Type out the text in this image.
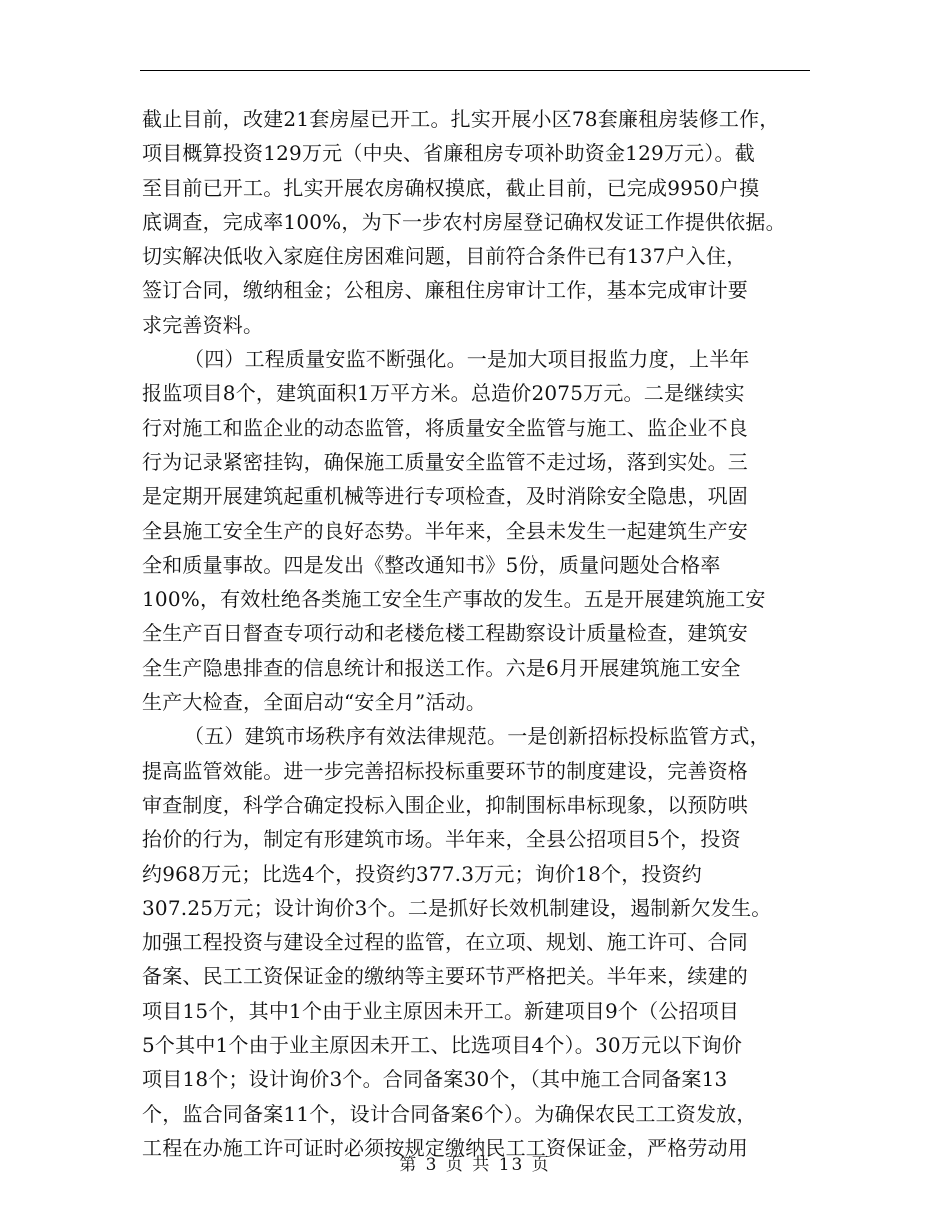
截止目前，改建21套房屋已开工。扎实开展小区78套廉租房装修工作，
项目概算投资129万元（中央、省廉租房专项补助资金129万元）。截
至目前已开工。扎实开展农房确权摸底，截止目前，已完成9950户摸
底调查，完成率100%，为下一步农村房屋登记确权发证工作提供依据。
切实解决低收入家庭住房困难问题，目前符合条件已有137户入住，
签订合同，缴纳租金；公租房、廉租住房审计工作，基本完成审计要
求完善资料。
（四）工程质量安监不断强化。一是加大项目报监力度，上半年
报监项目8个，建筑面积1万平方米。总造价2075万元。二是继续实
行对施工和监企业的动态监管，将质量安全监管与施工、监企业不良
行为记录紧密挂钩，确保施工质量安全监管不走过场，落到实处。三
是定期开展建筑起重机械等进行专项检查，及时消除安全隐患，巩固
全县施工安全生产的良好态势。半年来，全县未发生一起建筑生产安
全和质量事故。四是发出《整改通知书》5份，质量问题处合格率
100%，有效杜绝各类施工安全生产事故的发生。五是开展建筑施工安
全生产百日督查专项行动和老楼危楼工程勘察设计质量检查，建筑安
全生产隐患排查的信息统计和报送工作。六是6月开展建筑施工安全
生产大检查，全面启动“安全月”活动。
（五）建筑市场秩序有效法律规范。一是创新招标投标监管方式，
提高监管效能。进一步完善招标投标重要环节的制度建设，完善资格
审查制度，科学合确定投标入围企业，抑制围标串标现象，以预防哄
抬价的行为，制定有形建筑市场。半年来，全县公招项目5个，投资
约968万元；比选4个，投资约377.3万元；询价18个，投资约
307.25万元；设计询价3个。二是抓好长效机制建设，遏制新欠发生。
加强工程投资与建设全过程的监管，在立项、规划、施工许可、合同
备案、民工工资保证金的缴纳等主要环节严格把关。半年来，续建的
项目15个，其中1个由于业主原因未开工。新建项目9个（公招项目
5个其中1个由于业主原因未开工、比选项目4个）。30万元以下询价
项目18个；设计询价3个。合同备案30个，（其中施工合同备案13
个，监合同备案11个，设计合同备案6个）。为确保农民工工资发放，
工程在办施工许可证时必须按规定缴纳民工工资保证金，严格劳动用
第 3 页 共 13 页
